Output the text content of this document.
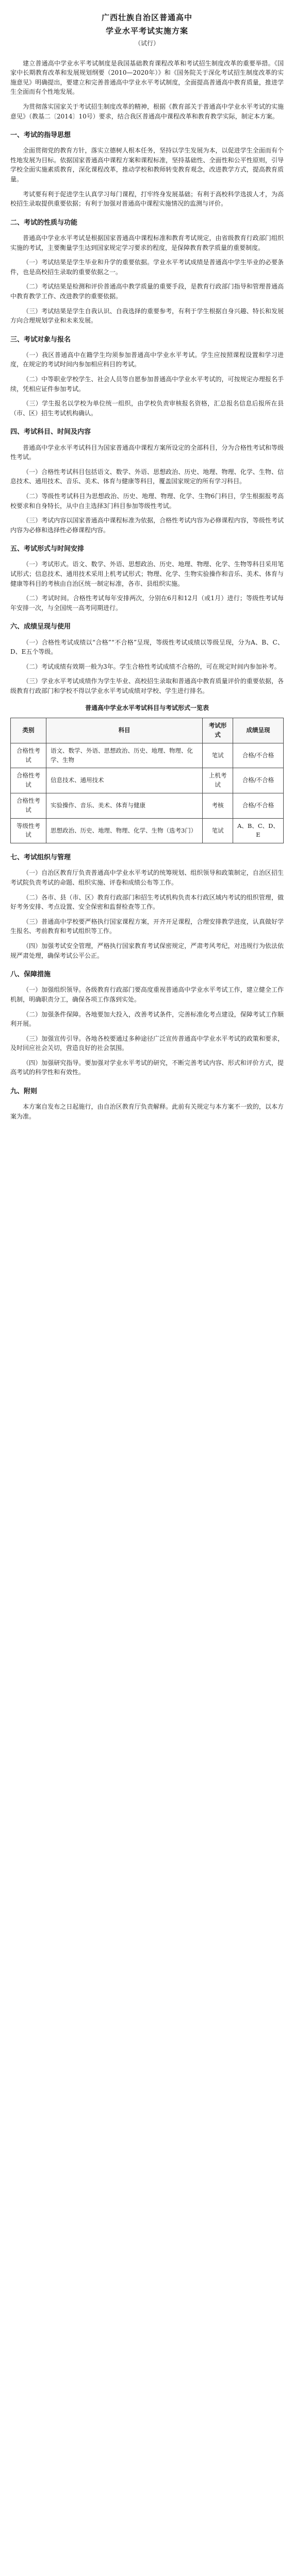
广西壮族自治区普通高中
学业水平考试实施方案
（试行）

建立普通高中学业水平考试制度是我国基础教育课程改革和考试招生制度改革的重要举措。《国家中长期教育改革和发展规划纲要（2010—2020年）》和《国务院关于深化考试招生制度改革的实施意见》明确提出，要建立和完善普通高中学业水平考试制度，全面提高普通高中教育质量，推进学生全面而有个性地发展。

为贯彻落实国家关于考试招生制度改革的精神，根据《教育部关于普通高中学业水平考试的实施意见》（教基二〔2014〕10号）要求，结合我区普通高中课程改革和教育教学实际，制定本方案。

一、考试的指导思想

全面贯彻党的教育方针，落实立德树人根本任务，坚持以学生发展为本，以促进学生全面而有个性地发展为目标。依据国家普通高中课程方案和课程标准，坚持基础性、全面性和公平性原则，引导学校全面实施素质教育，深化课程改革，推动学校和教师转变教育观念，改进教学方式，提高教育质量。

考试要有利于促进学生认真学习每门课程，打牢终身发展基础；有利于高校科学选拔人才，为高校招生录取提供重要依据；有利于加强对普通高中课程实施情况的监测与评价。

二、考试的性质与功能

普通高中学业水平考试是根据国家普通高中课程标准和教育考试规定，由省级教育行政部门组织实施的考试，主要衡量学生达到国家规定学习要求的程度，是保障教育教学质量的重要制度。

（一）考试结果是学生毕业和升学的重要依据。学业水平考试成绩是普通高中学生毕业的必要条件，也是高校招生录取的重要依据之一。

（二）考试结果是检测和评价普通高中教学质量的重要手段，是教育行政部门指导和管理普通高中教育教学工作、改进教学的重要依据。

（三）考试结果是学生自我认识、自我选择的重要参考，有利于学生根据自身兴趣、特长和发展方向合理规划学业和未来发展。

三、考试对象与报名

（一）我区普通高中在籍学生均须参加普通高中学业水平考试。学生应按照课程设置和学习进度，在规定的考试时间内参加相应科目的考试。

（二）中等职业学校学生、社会人员等自愿参加普通高中学业水平考试的，可按规定办理报名手续，凭相应证件参加考试。

（三）学生报名以学校为单位统一组织，由学校负责审核报名资格，汇总报名信息后报所在县（市、区）招生考试机构确认。

四、考试科目、时间及内容

普通高中学业水平考试科目为国家普通高中课程方案所设定的全部科目，分为合格性考试和等级性考试。

（一）合格性考试科目包括语文、数学、外语、思想政治、历史、地理、物理、化学、生物、信息技术、通用技术、音乐、美术、体育与健康等科目，覆盖国家规定的所有学习科目。

（二）等级性考试科目为思想政治、历史、地理、物理、化学、生物6门科目，学生根据报考高校要求和自身特长，从中自主选择3门科目参加等级性考试。

（三）考试内容以国家普通高中课程标准为依据，合格性考试内容为必修课程内容，等级性考试内容为必修和选择性必修课程内容。

五、考试形式与时间安排

（一）考试形式。语文、数学、外语、思想政治、历史、地理、物理、化学、生物等科目采用笔试形式；信息技术、通用技术采用上机考试形式；物理、化学、生物实验操作和音乐、美术、体育与健康等科目的考核由自治区统一制定标准，各市、县组织实施。

（二）考试时间。合格性考试每年安排两次，分别在6月和12月（或1月）进行；等级性考试每年安排一次，与全国统一高考同期进行。

六、成绩呈现与使用

（一）合格性考试成绩以“合格”“不合格”呈现，等级性考试成绩以等级呈现，分为A、B、C、D、E五个等级。

（二）考试成绩有效期一般为3年。学生合格性考试成绩不合格的，可在规定时间内参加补考。

（三）学业水平考试成绩作为学生毕业、高校招生录取和普通高中教育质量评价的重要依据，各级教育行政部门和学校不得以学业水平考试成绩对学校、学生进行排名。

普通高中学业水平考试科目与考试形式一览表
类别	科目	考试形式	成绩呈现
合格性考试	语文、数学、外语、思想政治、历史、地理、物理、化学、生物	笔试	合格/不合格
合格性考试	信息技术、通用技术	上机考试	合格/不合格
合格性考试	实验操作、音乐、美术、体育与健康	考核	合格/不合格
等级性考试	思想政治、历史、地理、物理、化学、生物（选考3门）	笔试	A、B、C、D、E
七、考试组织与管理

（一）自治区教育厅负责普通高中学业水平考试的统筹规划、组织领导和政策制定，自治区招生考试院负责考试的命题、组织实施、评卷和成绩公布等工作。

（二）各市、县（市、区）教育行政部门和招生考试机构负责本行政区域内考试的组织管理，做好考务安排、考点设置、安全保密和监督检查等工作。

（三）普通高中学校要严格执行国家课程方案，开齐开足课程，合理安排教学进度，认真做好学生报名、考前教育和考试组织等工作。

（四）加强考试安全管理，严格执行国家教育考试保密规定，严肃考风考纪，对违规行为依法依规严肃处理，确保考试公平公正。

八、保障措施

（一）加强组织领导。各级教育行政部门要高度重视普通高中学业水平考试工作，建立健全工作机制，明确职责分工，确保各项工作落到实处。

（二）加强条件保障。各地要加大投入，改善考试条件，完善标准化考点建设，保障考试工作顺利开展。

（三）加强宣传引导。各地各校要通过多种途径广泛宣传普通高中学业水平考试的政策和要求，及时回应社会关切，营造良好的社会氛围。

（四）加强研究指导。要加强对学业水平考试的研究，不断完善考试内容、形式和评价方式，提高考试的科学性和有效性。

九、附则

本方案自发布之日起施行，由自治区教育厅负责解释。此前有关规定与本方案不一致的，以本方案为准。
